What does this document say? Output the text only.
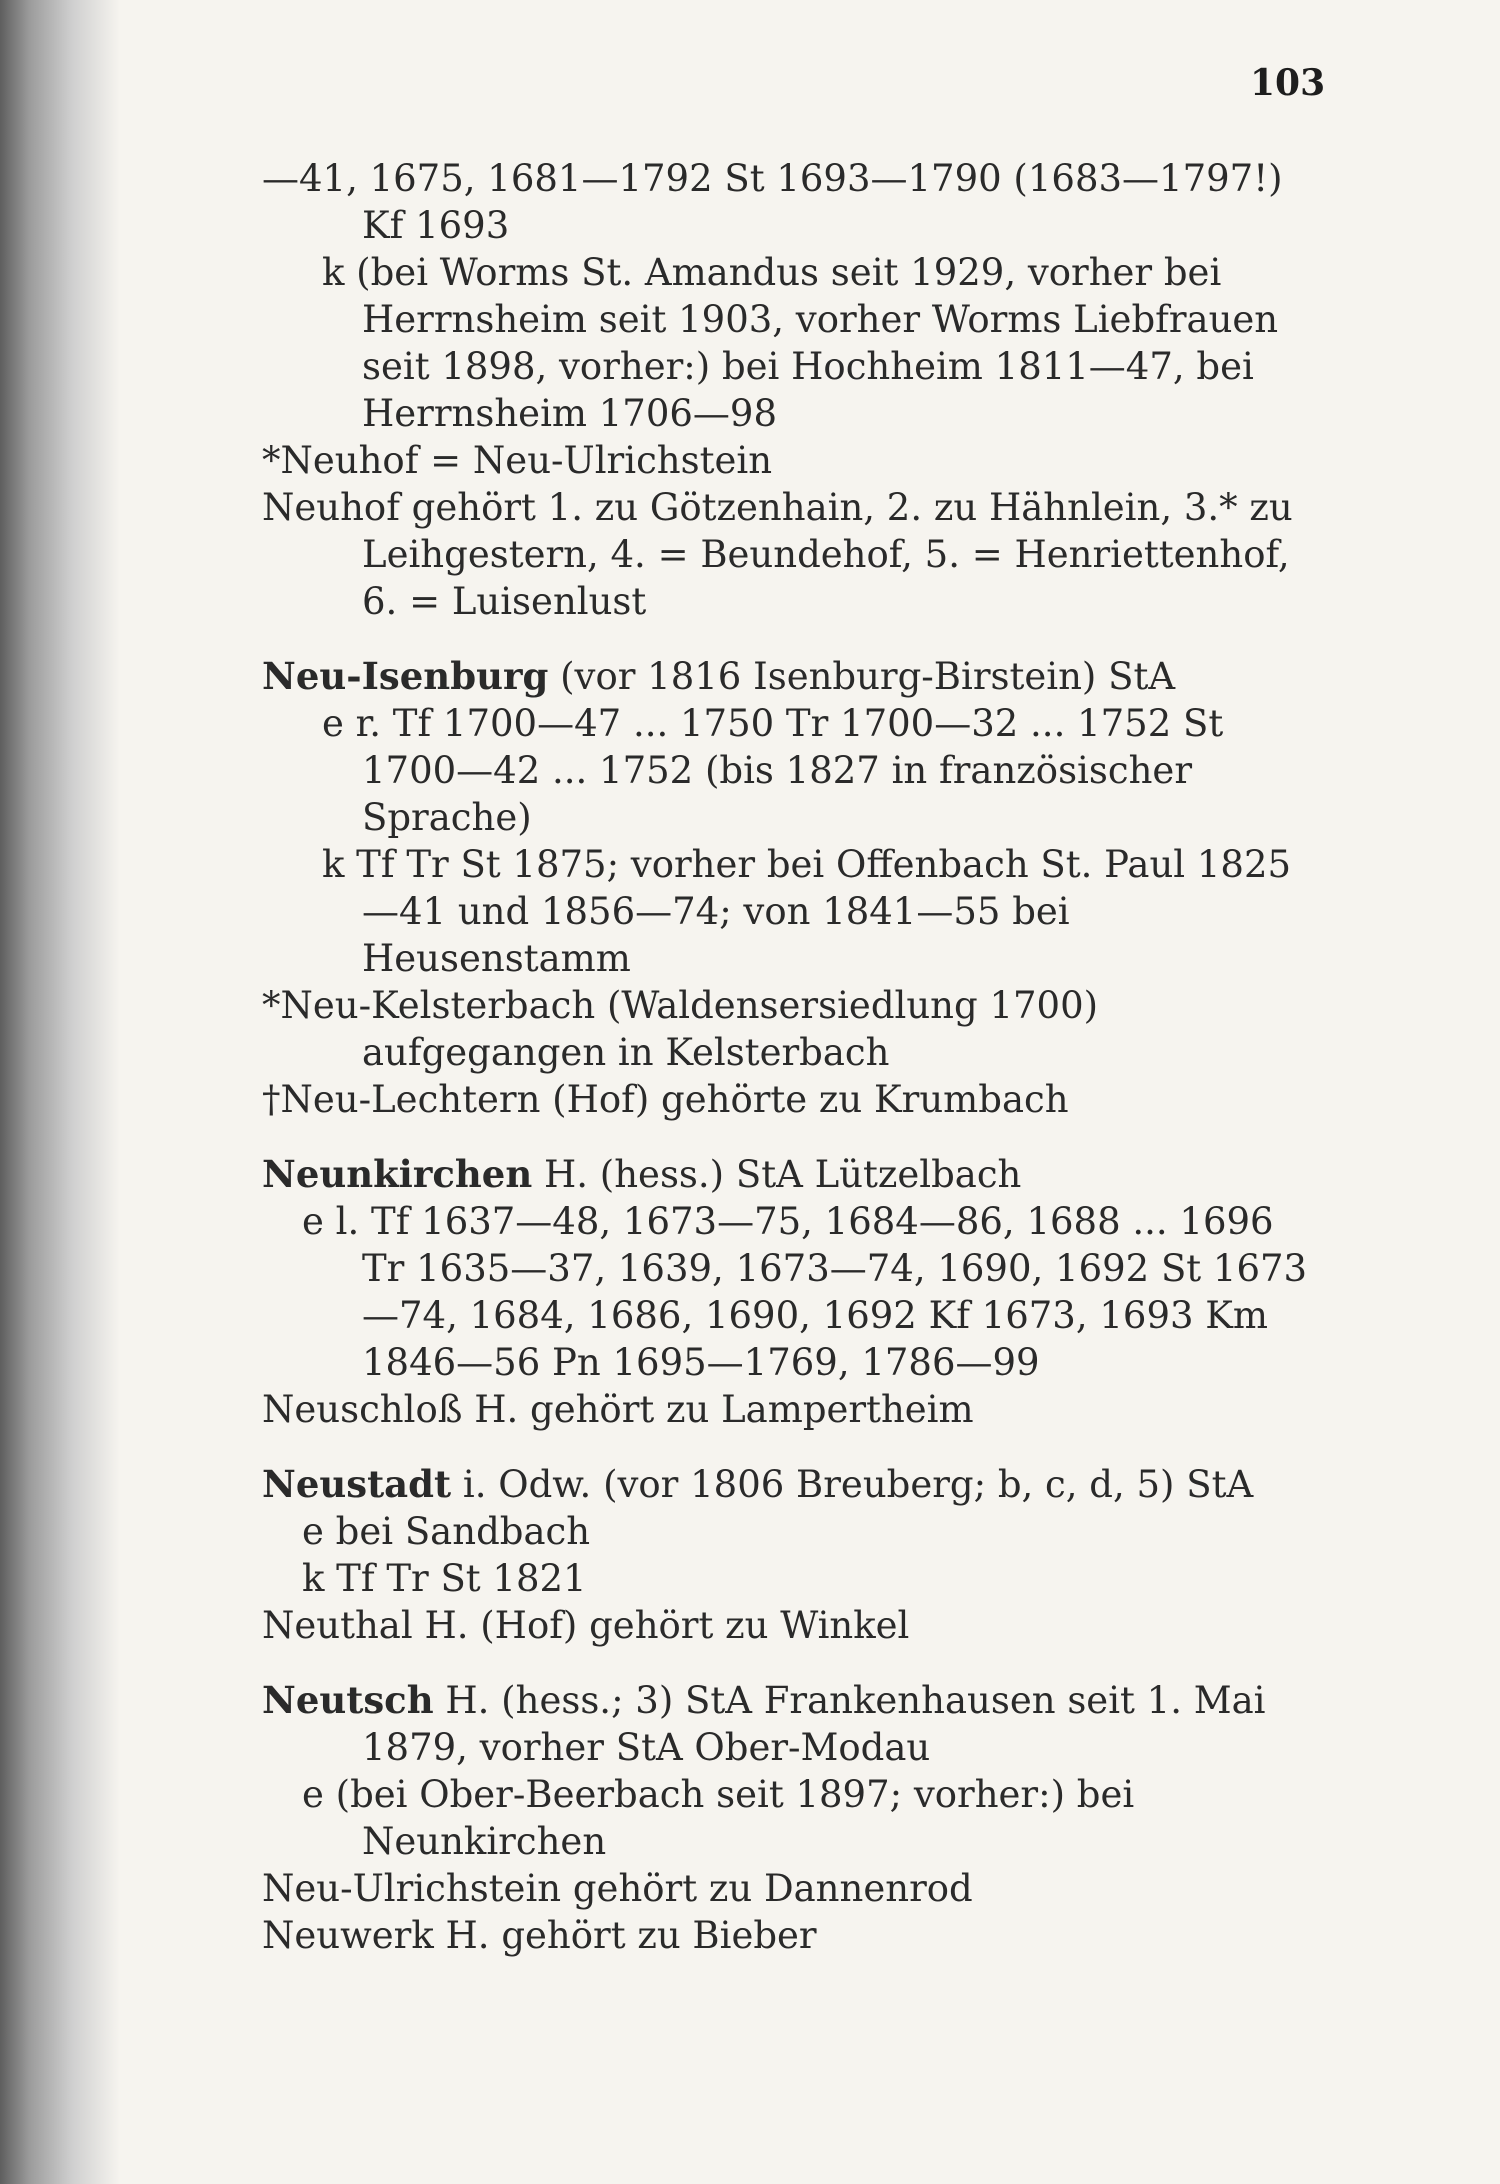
103

—41, 1675, 1681—1792 St 1693—1790 (1683—1797!) Kf 1693

k (bei Worms St. Amandus seit 1929, vorher bei Herrnsheim seit 1903, vorher Worms Liebfrauen seit 1898, vorher:) bei Hochheim 1811—47, bei Herrnsheim 1706—98

*Neuhof = Neu-Ulrichstein

Neuhof gehört 1. zu Götzenhain, 2. zu Hähnlein, 3.* zu Leihgestern, 4. = Beundehof, 5. = Henriettenhof, 6. = Luisenlust

Neu-Isenburg (vor 1816 Isenburg-Birstein) StA

e r. Tf 1700—47 ... 1750 Tr 1700—32 ... 1752 St 1700—42 ... 1752 (bis 1827 in französischer Sprache)

k Tf Tr St 1875; vorher bei Offenbach St. Paul 1825—41 und 1856—74; von 1841—55 bei Heusenstamm

*Neu-Kelsterbach (Waldensersiedlung 1700) aufgegangen in Kelsterbach

†Neu-Lechtern (Hof) gehörte zu Krumbach

Neunkirchen H. (hess.) StA Lützelbach

e l. Tf 1637—48, 1673—75, 1684—86, 1688 ... 1696 Tr 1635—37, 1639, 1673—74, 1690, 1692 St 1673—74, 1684, 1686, 1690, 1692 Kf 1673, 1693 Km 1846—56 Pn 1695—1769, 1786—99

Neuschloß H. gehört zu Lampertheim

Neustadt i. Odw. (vor 1806 Breuberg; b, c, d, 5) StA

e bei Sandbach

k Tf Tr St 1821

Neuthal H. (Hof) gehört zu Winkel

Neutsch H. (hess.; 3) StA Frankenhausen seit 1. Mai 1879, vorher StA Ober-Modau

e (bei Ober-Beerbach seit 1897; vorher:) bei Neunkirchen

Neu-Ulrichstein gehört zu Dannenrod

Neuwerk H. gehört zu Bieber
